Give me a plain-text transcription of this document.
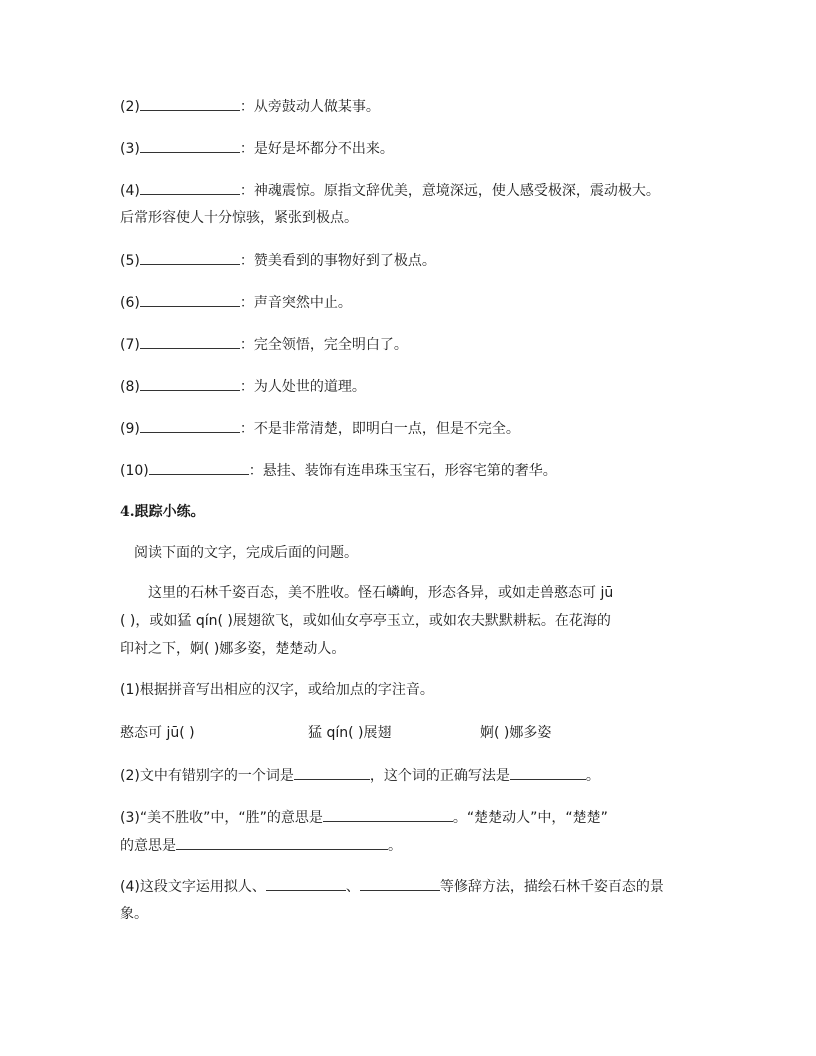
(2)	：从旁鼓动人做某事。
(3)	：是好是坏都分不出来。
(4)	：神魂震惊。原指文辞优美，意境深远，使人感受极深，震动极大。
后常形容使人十分惊骇，紧张到极点。
(5)	：赞美看到的事物好到了极点。
(6)	：声音突然中止。
(7)	：完全领悟，完全明白了。
(8)	：为人处世的道理。
(9)	：不是非常清楚，即明白一点，但是不完全。
(10)	：悬挂、装饰有连串珠玉宝石，形容宅第的奢华。
4.跟踪小练。
阅读下面的文字，完成后面的问题。
这里的石林千姿百态，美不胜收。怪石嶙峋，形态各异，或如走兽憨态可 jū
( )，或如猛 qín( )展翅欲飞，或如仙女亭亭玉立，或如农夫默默耕耘。在花海的
印衬之下，婀( )娜多姿，楚楚动人。
(1)根据拼音写出相应的汉字，或给加点的字注音。
憨态可 jū( )	猛 qín( )展翅	婀( )娜多姿
(2)文中有错别字的一个词是	，这个词的正确写法是	。
(3)“美不胜收”中，“胜”的意思是	。“楚楚动人”中，“楚楚”
的意思是	。
(4)这段文字运用拟人、	、	等修辞方法，描绘石林千姿百态的景
象。
